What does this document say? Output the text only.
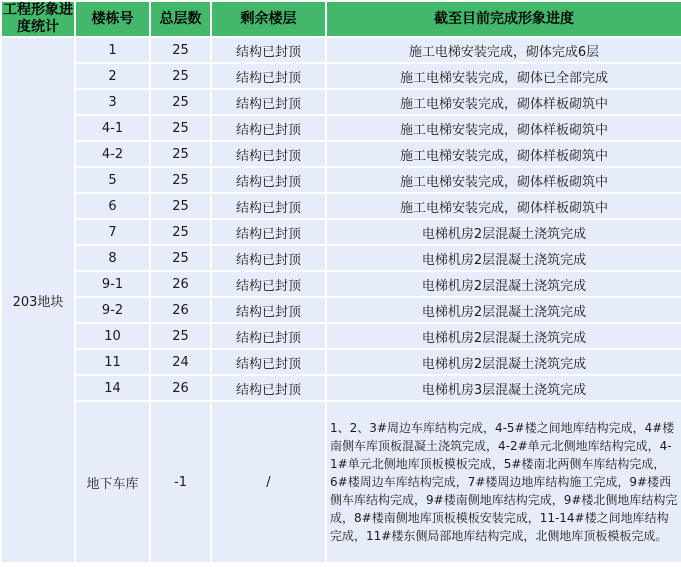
工程形象进度统计	楼栋号	总层数	剩余楼层	截至目前完成形象进度
203地块	1	25	结构已封顶	施工电梯安装完成，砌体完成6层
	2	25	结构已封顶	施工电梯安装完成，砌体已全部完成
	3	25	结构已封顶	施工电梯安装完成，砌体样板砌筑中
	4-1	25	结构已封顶	施工电梯安装完成，砌体样板砌筑中
	4-2	25	结构已封顶	施工电梯安装完成，砌体样板砌筑中
	5	25	结构已封顶	施工电梯安装完成，砌体样板砌筑中
	6	25	结构已封顶	施工电梯安装完成，砌体样板砌筑中
	7	25	结构已封顶	电梯机房2层混凝土浇筑完成
	8	25	结构已封顶	电梯机房2层混凝土浇筑完成
	9-1	26	结构已封顶	电梯机房2层混凝土浇筑完成
	9-2	26	结构已封顶	电梯机房2层混凝土浇筑完成
	10	25	结构已封顶	电梯机房2层混凝土浇筑完成
	11	24	结构已封顶	电梯机房2层混凝土浇筑完成
	14	26	结构已封顶	电梯机房3层混凝土浇筑完成
	地下车库	-1	/	1、2、3#周边车库结构完成，4-5#楼之间地库结构完成，4#楼南侧车库顶板混凝土浇筑完成，4-2#单元北侧地库结构完成，4-1#单元北侧地库顶板模板完成，5#楼南北两侧车库结构完成，6#楼周边车库结构完成，7#楼周边地库结构施工完成，9#楼西侧车库结构完成，9#楼南侧地库结构完成，9#楼北侧地库结构完成，8#楼南侧地库顶板模板安装完成，11-14#楼之间地库结构完成，11#楼东侧局部地库结构完成，北侧地库顶板模板完成。
